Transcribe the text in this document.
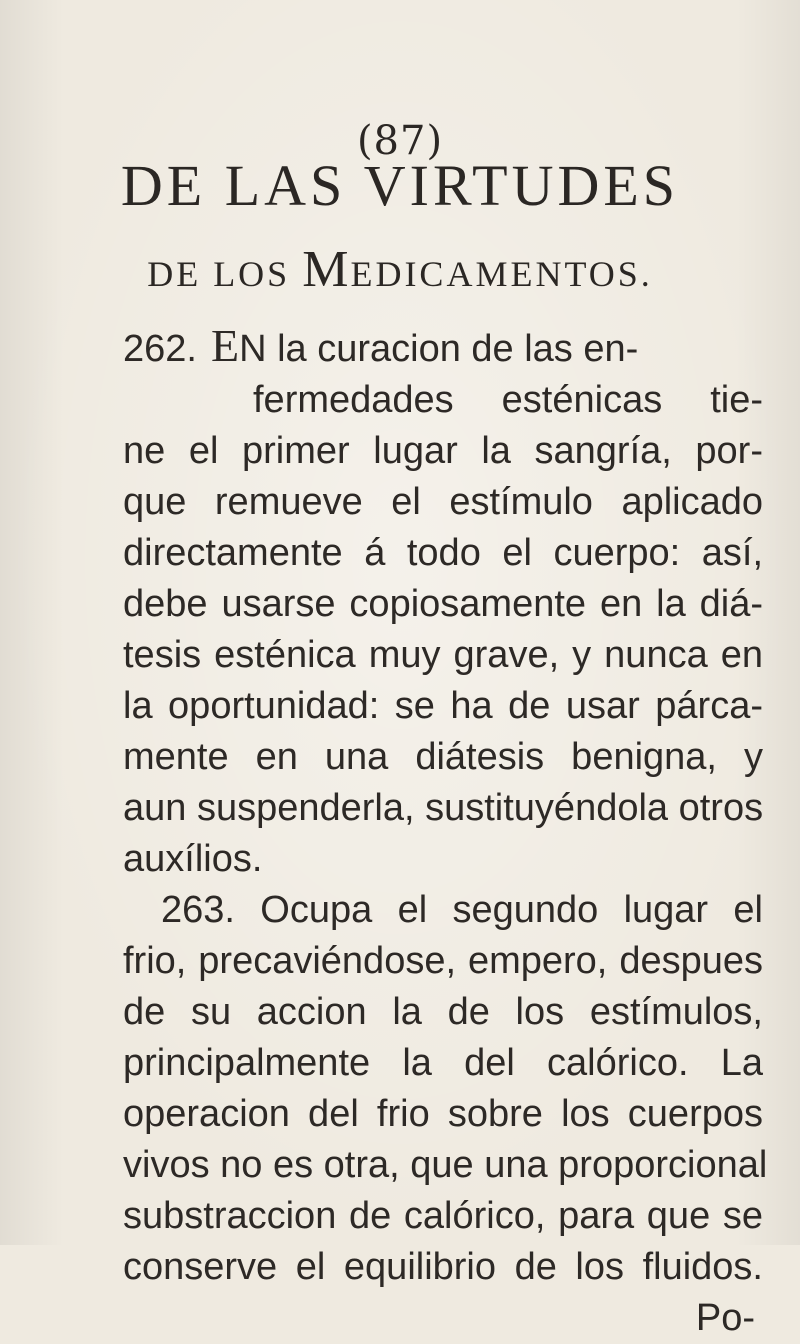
(87)
DE LAS VIRTUDES
DE LOS MEDICAMENTOS.
262. EN la curacion de las en-
fermedades esténicas tie-
ne el primer lugar la sangría, por-
que remueve el estímulo aplicado
directamente á todo el cuerpo: así,
debe usarse copiosamente en la diá-
tesis esténica muy grave, y nunca en
la oportunidad: se ha de usar párca-
mente en una diátesis benigna, y
aun suspenderla, sustituyéndola otros
auxílios.
263. Ocupa el segundo lugar el
frio, precaviéndose, empero, despues
de su accion la de los estímulos,
principalmente la del calórico. La
operacion del frio sobre los cuerpos
vivos no es otra, que una proporcional
substraccion de calórico, para que se
conserve el equilibrio de los fluidos.
Po-
